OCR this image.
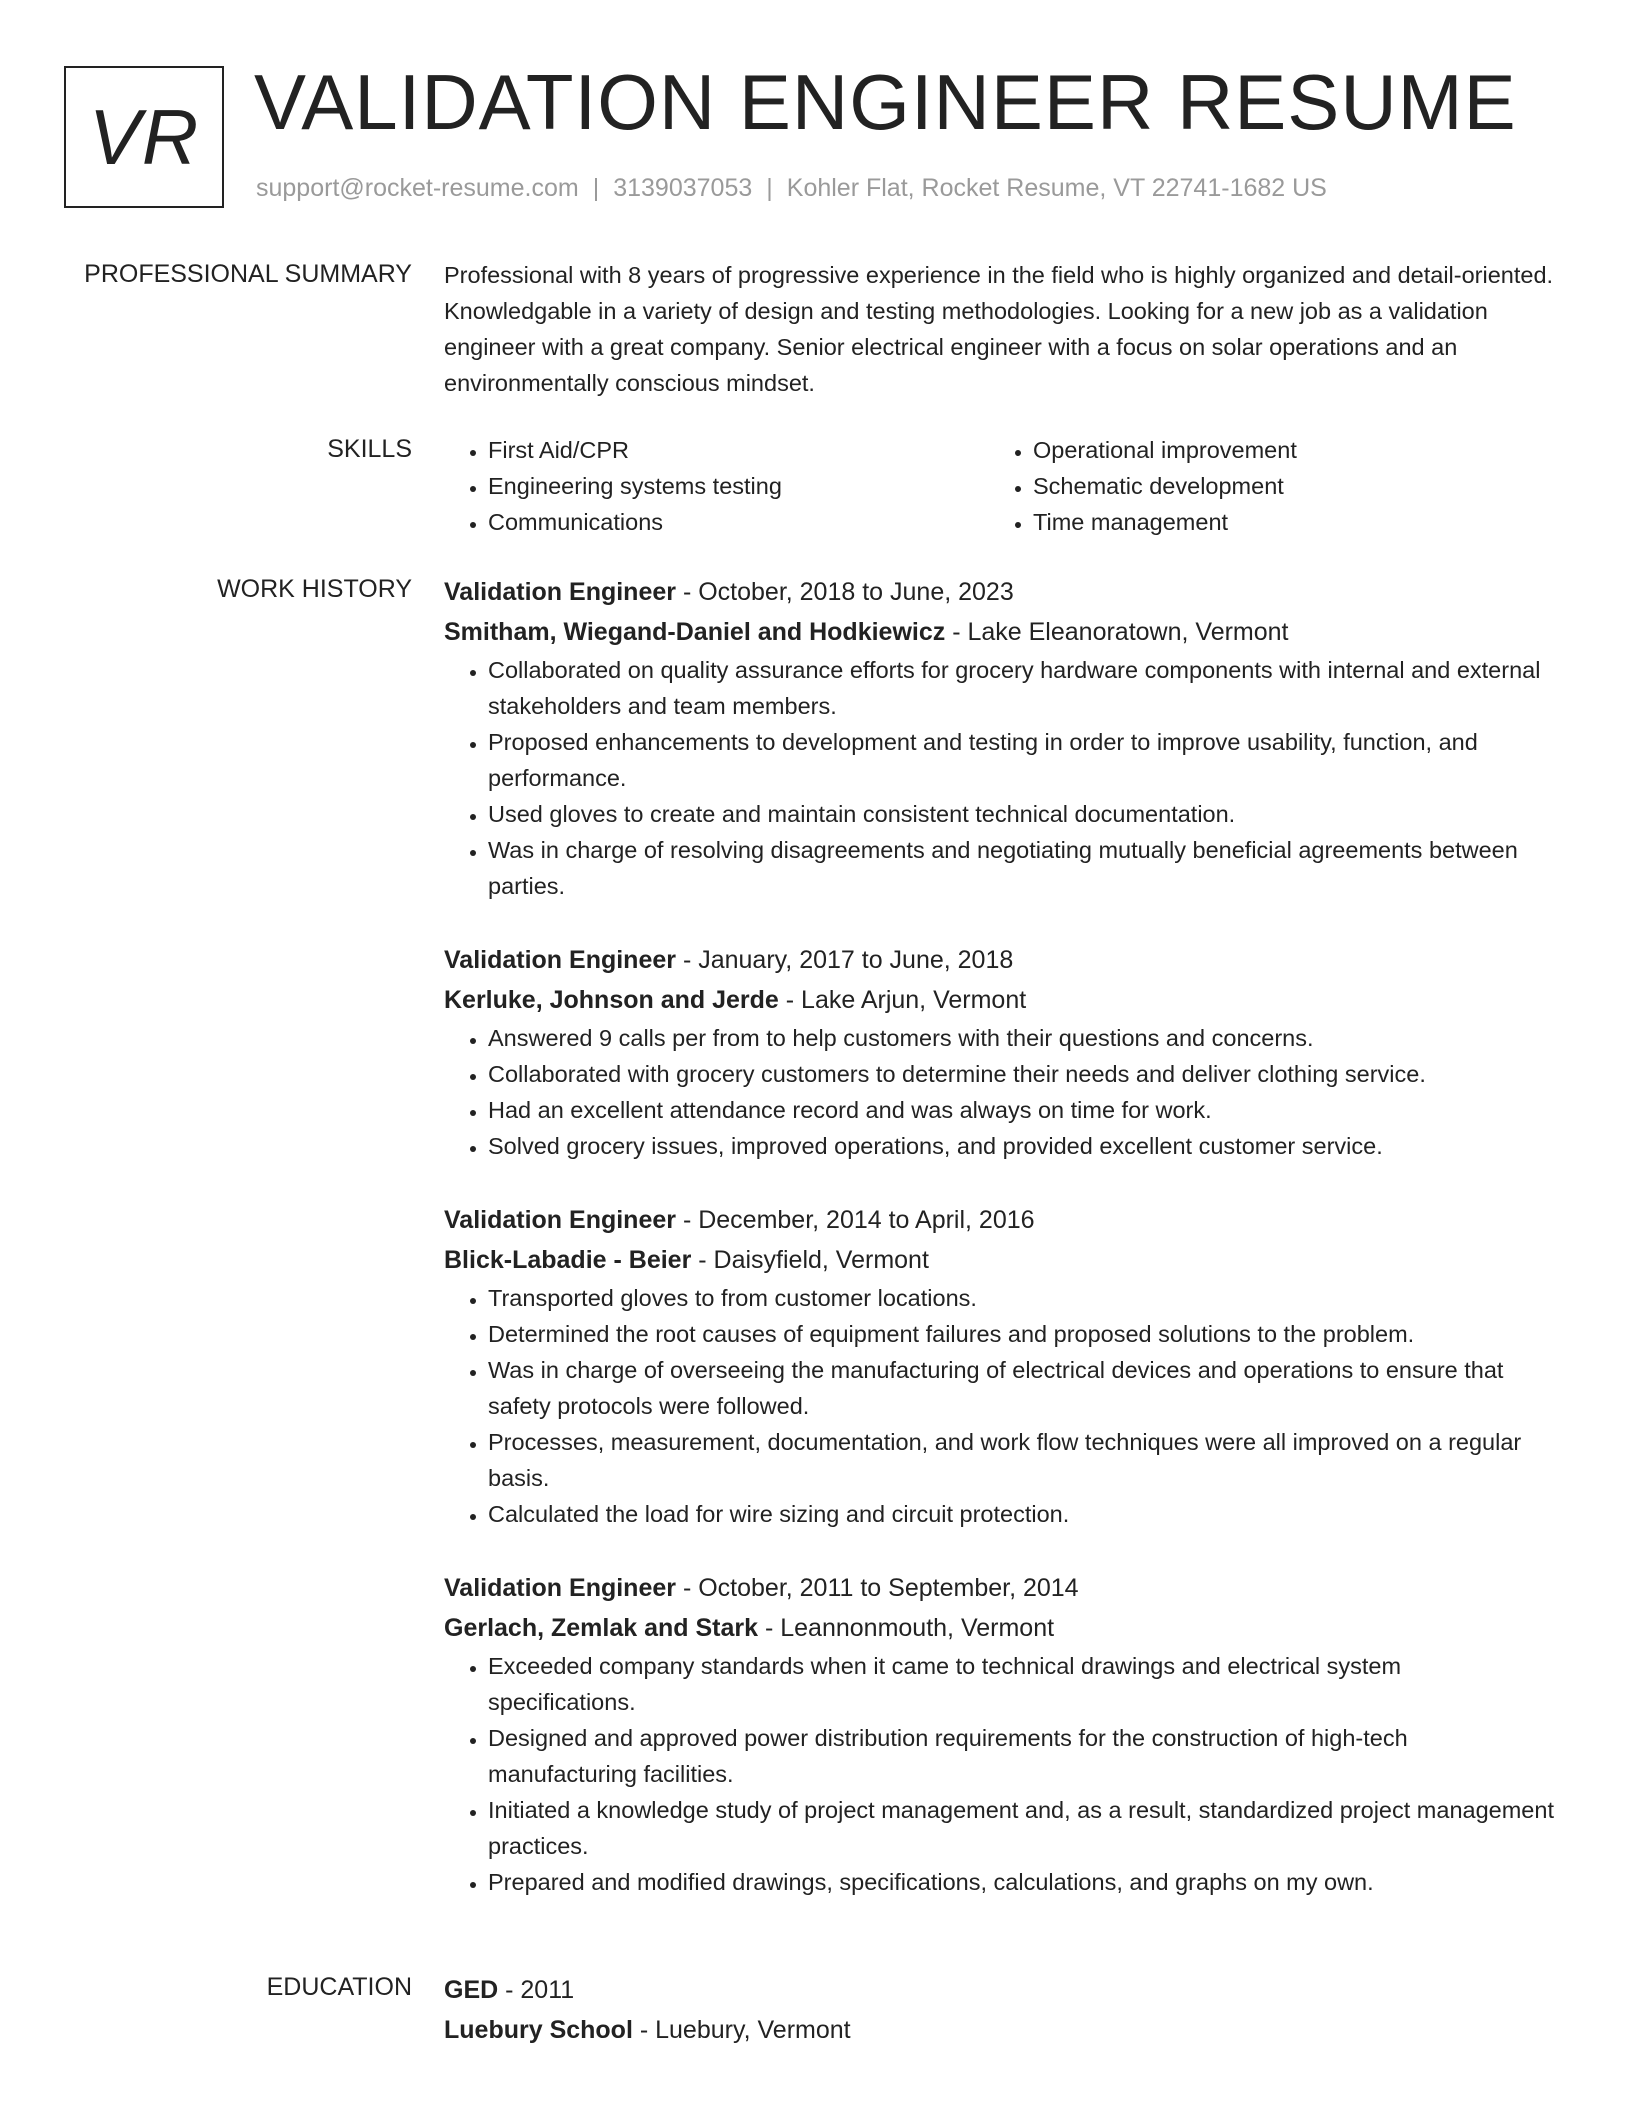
VR VALIDATION ENGINEER RESUME
support@rocket-resume.com | 3139037053 | Kohler Flat, Rocket Resume, VT 22741-1682 US
PROFESSIONAL SUMMARY Professional with 8 years of progressive experience in the field who is highly organized and detail-oriented. Knowledgable in a variety of design and testing methodologies. Looking for a new job as a validation engineer with a great company. Senior electrical engineer with a focus on solar operations and an environmentally conscious mindset.

SKILLS
•	First Aid/CPR
• Engineering systems testing
• Communications
• Operational improvement
• Schematic development
• Time management
WORK HISTORY Validation Engineer - October, 2018 to June, 2023
Smitham, Wiegand-Daniel and Hodkiewicz - Lake Eleanoratown, Vermont
• Collaborated on quality assurance efforts for grocery hardware components with internal and external stakeholders and team members.
• Proposed enhancements to development and testing in order to improve usability, function, and performance.
• Used gloves to create and maintain consistent technical documentation.
• Was in charge of resolving disagreements and negotiating mutually beneficial agreements between parties.
Validation Engineer - January, 2017 to June, 2018
Kerluke, Johnson and Jerde - Lake Arjun, Vermont
• Answered 9 calls per from to help customers with their questions and concerns.
• Collaborated with grocery customers to determine their needs and deliver clothing service.
• Had an excellent attendance record and was always on time for work.
• Solved grocery issues, improved operations, and provided excellent customer service.
Validation Engineer - December, 2014 to April, 2016
Blick-Labadie - Beier - Daisyfield, Vermont
• Transported gloves to from customer locations.
• Determined the root causes of equipment failures and proposed solutions to the problem.
• Was in charge of overseeing the manufacturing of electrical devices and operations to ensure that safety protocols were followed.
• Processes, measurement, documentation, and work flow techniques were all improved on a regular basis.
• Calculated the load for wire sizing and circuit protection.
Validation Engineer - October, 2011 to September, 2014
Gerlach, Zemlak and Stark - Leannonmouth, Vermont
• Exceeded company standards when it came to technical drawings and electrical system specifications.
• Designed and approved power distribution requirements for the construction of high-tech manufacturing facilities.
• Initiated a knowledge study of project management and, as a result, standardized project management practices.
• Prepared and modified drawings, specifications, calculations, and graphs on my own.
EDUCATION GED - 2011
Luebury School - Luebury, Vermont
